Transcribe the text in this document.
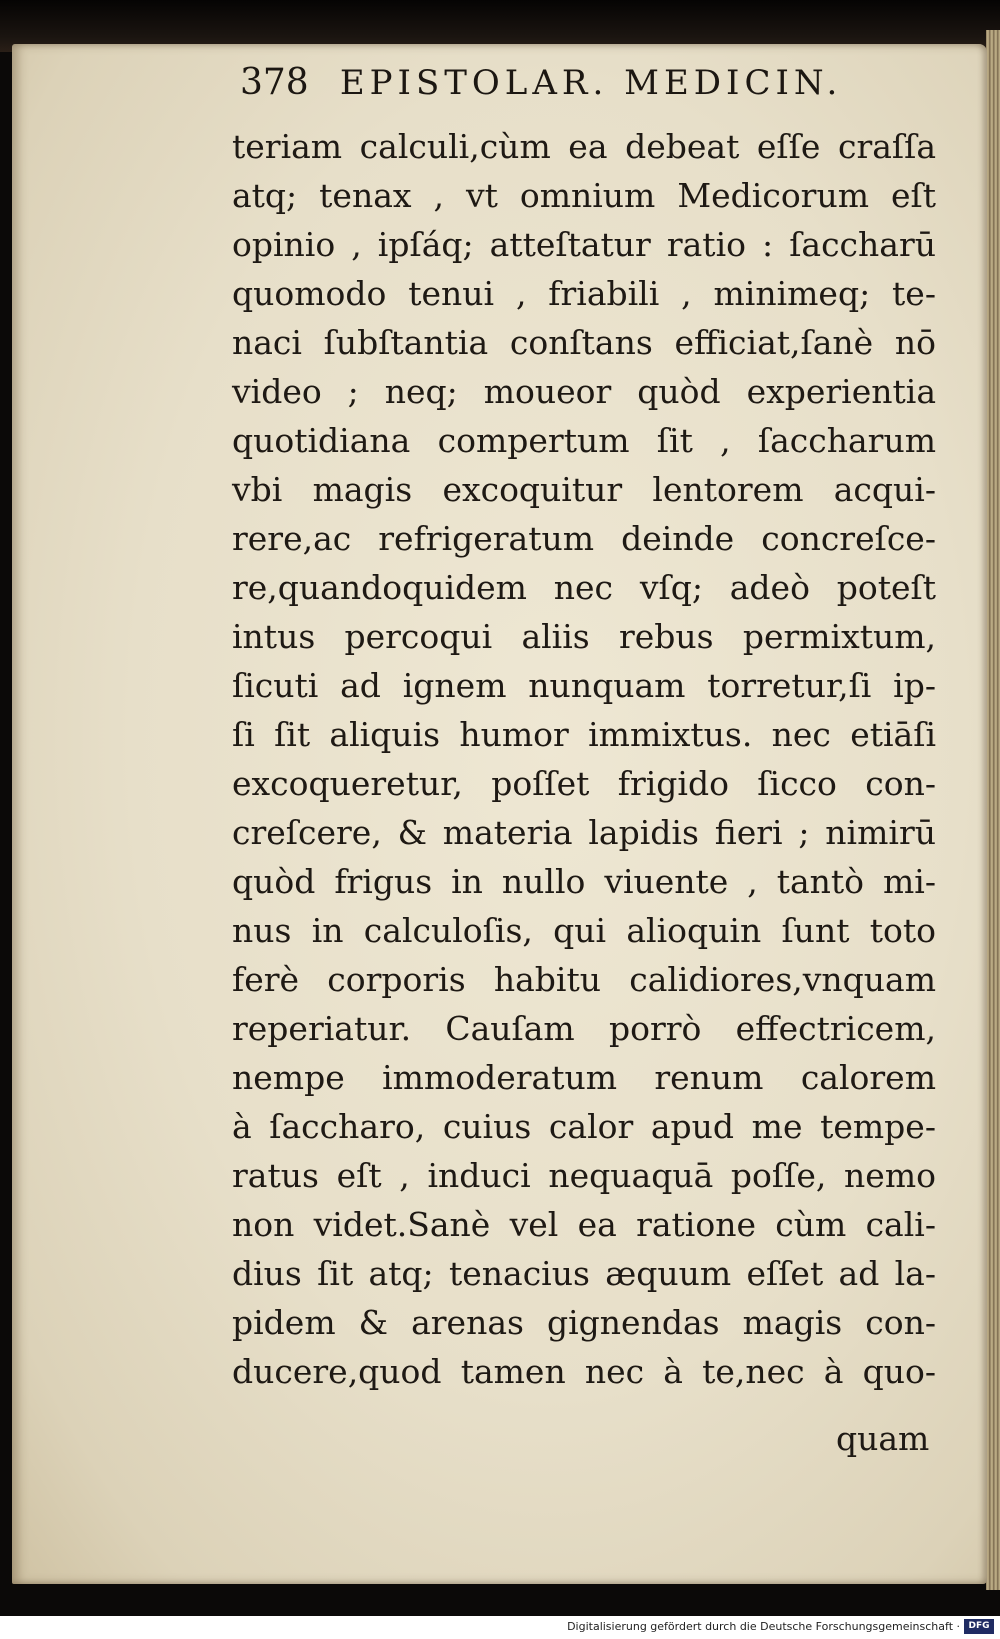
378 EPISTOLAR. MEDICIN.
teriam calculi,cùm ea debeat eſſe craſſa
atq; tenax , vt omnium Medicorum eſt
opinio , ipſáq; atteſtatur ratio : ſaccharū
quomodo tenui , friabili , minimeq; te-
naci ſubſtantia conſtans efficiat,ſanè nō
video ; neq; moueor quòd experientia
quotidiana compertum ſit , ſaccharum
vbi magis excoquitur lentorem acqui-
rere,ac refrigeratum deinde concreſce-
re,quandoquidem nec vſq; adeò poteſt
intus percoqui aliis rebus permixtum,
ſicuti ad ignem nunquam torretur,ſi ip-
ſi ſit aliquis humor immixtus. nec etiāſi
excoqueretur, poſſet frigido ſicco con-
creſcere, & materia lapidis fieri ; nimirū
quòd frigus in nullo viuente , tantò mi-
nus in calculoſis, qui alioquin ſunt toto
ferè corporis habitu calidiores,vnquam
reperiatur. Cauſam porrò effectricem,
nempe immoderatum renum calorem
à ſaccharo, cuius calor apud me tempe-
ratus eſt , induci nequaquā poſſe, nemo
non videt.Sanè vel ea ratione cùm cali-
dius ſit atq; tenacius æquum eſſet ad la-
pidem & arenas gignendas magis con-
ducere,quod tamen nec à te,nec à quo-
quam
Digitalisierung gefördert durch die Deutsche Forschungsgemeinschaft · DFG
